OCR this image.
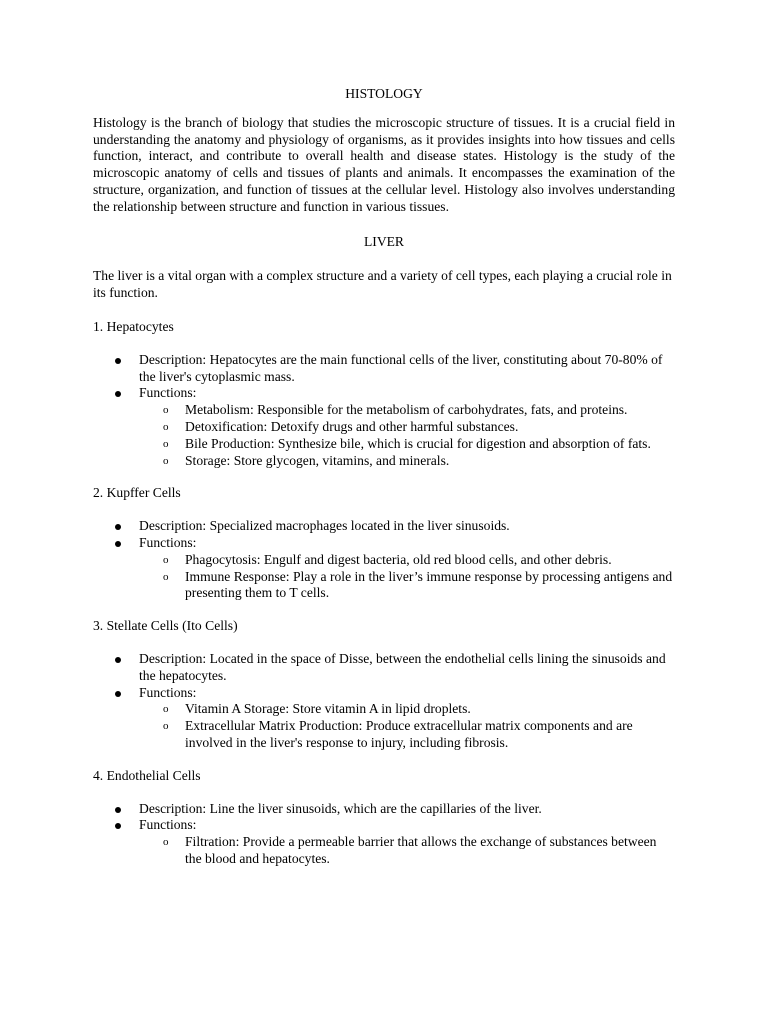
HISTOLOGY

Histology is the branch of biology that studies the microscopic structure of tissues. It is a crucial field in understanding the anatomy and physiology of organisms, as it provides insights into how tissues and cells function, interact, and contribute to overall health and disease states. Histology is the study of the microscopic anatomy of cells and tissues of plants and animals. It encompasses the examination of the structure, organization, and function of tissues at the cellular level. Histology also involves understanding the relationship between structure and function in various tissues.

LIVER

The liver is a vital organ with a complex structure and a variety of cell types, each playing a crucial role in its function.

1. Hepatocytes

Description: Hepatocytes are the main functional cells of the liver, constituting about 70-80% of the liver's cytoplasmic mass.
Functions:
o Metabolism: Responsible for the metabolism of carbohydrates, fats, and proteins.
o Detoxification: Detoxify drugs and other harmful substances.
o Bile Production: Synthesize bile, which is crucial for digestion and absorption of fats.
o Storage: Store glycogen, vitamins, and minerals.

2. Kupffer Cells

Description: Specialized macrophages located in the liver sinusoids.
Functions:
o Phagocytosis: Engulf and digest bacteria, old red blood cells, and other debris.
o Immune Response: Play a role in the liver’s immune response by processing antigens and presenting them to T cells.

3. Stellate Cells (Ito Cells)

Description: Located in the space of Disse, between the endothelial cells lining the sinusoids and the hepatocytes.
Functions:
o Vitamin A Storage: Store vitamin A in lipid droplets.
o Extracellular Matrix Production: Produce extracellular matrix components and are involved in the liver's response to injury, including fibrosis.

4. Endothelial Cells

Description: Line the liver sinusoids, which are the capillaries of the liver.
Functions:
o Filtration: Provide a permeable barrier that allows the exchange of substances between the blood and hepatocytes.
